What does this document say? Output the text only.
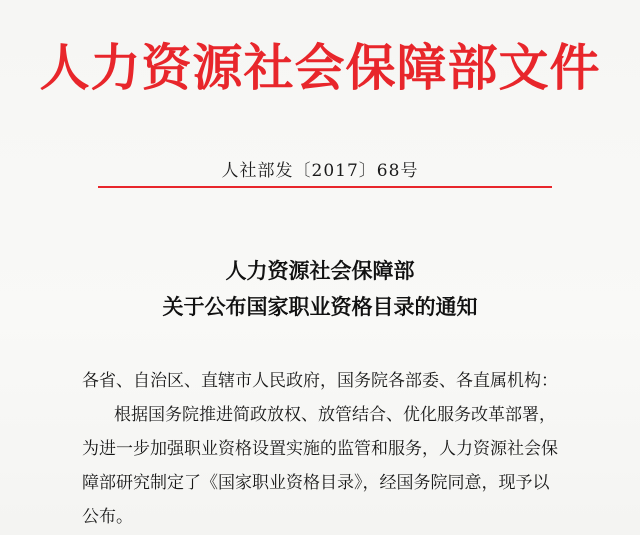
人力资源社会保障部文件
人社部发〔2017〕68号
人力资源社会保障部
关于公布国家职业资格目录的通知
各省、自治区、直辖市人民政府，国务院各部委、各直属机构：
根据国务院推进简政放权、放管结合、优化服务改革部署，
为进一步加强职业资格设置实施的监管和服务，人力资源社会保
障部研究制定了《国家职业资格目录》，经国务院同意，现予以
公布。
